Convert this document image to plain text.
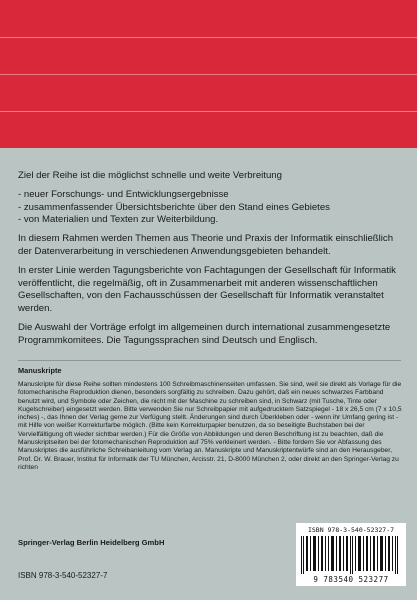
Ziel der Reihe ist die möglichst schnelle und weite Verbreitung

- neuer Forschungs- und Entwicklungsergebnisse
- zusammenfassender Übersichtsberichte über den Stand eines Gebietes
- von Materialien und Texten zur Weiterbildung.

In diesem Rahmen werden Themen aus Theorie und Praxis der Informatik einschließlich der Datenverarbeitung in verschiedenen Anwendungsgebieten behandelt.

In erster Linie werden Tagungsberichte von Fachtagungen der Gesellschaft für Informatik veröffentlicht, die regelmäßig, oft in Zusammenarbeit mit anderen wissenschaftlichen Gesellschaften, von den Fachausschüssen der Gesellschaft für Informatik veranstaltet werden.

Die Auswahl der Vorträge erfolgt im allgemeinen durch international zusammengesetzte Programmkomitees. Die Tagungssprachen sind Deutsch und Englisch.

Manuskripte

Manuskripte für diese Reihe sollten mindestens 100 Schreibmaschinenseiten umfassen. Sie sind, weil sie direkt als Vorlage für die fotomechanische Reproduktion dienen, besonders sorgfältig zu schreiben. Dazu gehört, daß ein neues schwarzes Farbband benutzt wird, und Symbole oder Zeichen, die nicht mit der Maschine zu schreiben sind, in Schwarz (mit Tusche, Tinte oder Kugelschreiber) eingesetzt werden. Bitte verwenden Sie nur Schreibpapier mit aufgedrucktem Satzspiegel - 18 x 26,5 cm (7 x 10,5 inches) -, das Ihnen der Verlag gerne zur Verfügung stellt. Änderungen sind durch Überkleben oder - wenn ihr Umfang gering ist - mit Hilfe von weißer Korrekturfarbe möglich. (Bitte kein Korrekturpapier benutzen, da so beseitigte Buchstaben bei der Vervielfältigung oft wieder sichtbar werden.) Für die Größe von Abbildungen und deren Beschriftung ist zu beachten, daß die Manuskriptseiten bei der fotomechanischen Reproduktion auf 75% verkleinert werden. - Bitte fordern Sie vor Abfassung des Manuskriptes die ausführliche Schreibanleitung vom Verlag an. Manuskripte und Manuskriptentwürfe sind an den Herausgeber, Prof. Dr. W. Brauer, Institut für Informatik der TU München, Arcisstr. 21, D-8000 München 2, oder direkt an den Springer-Verlag zu richten

Springer-Verlag Berlin Heidelberg GmbH
ISBN 978-3-540-52327-7
ISBN 978-3-540-52327-7
9 783540 523277
